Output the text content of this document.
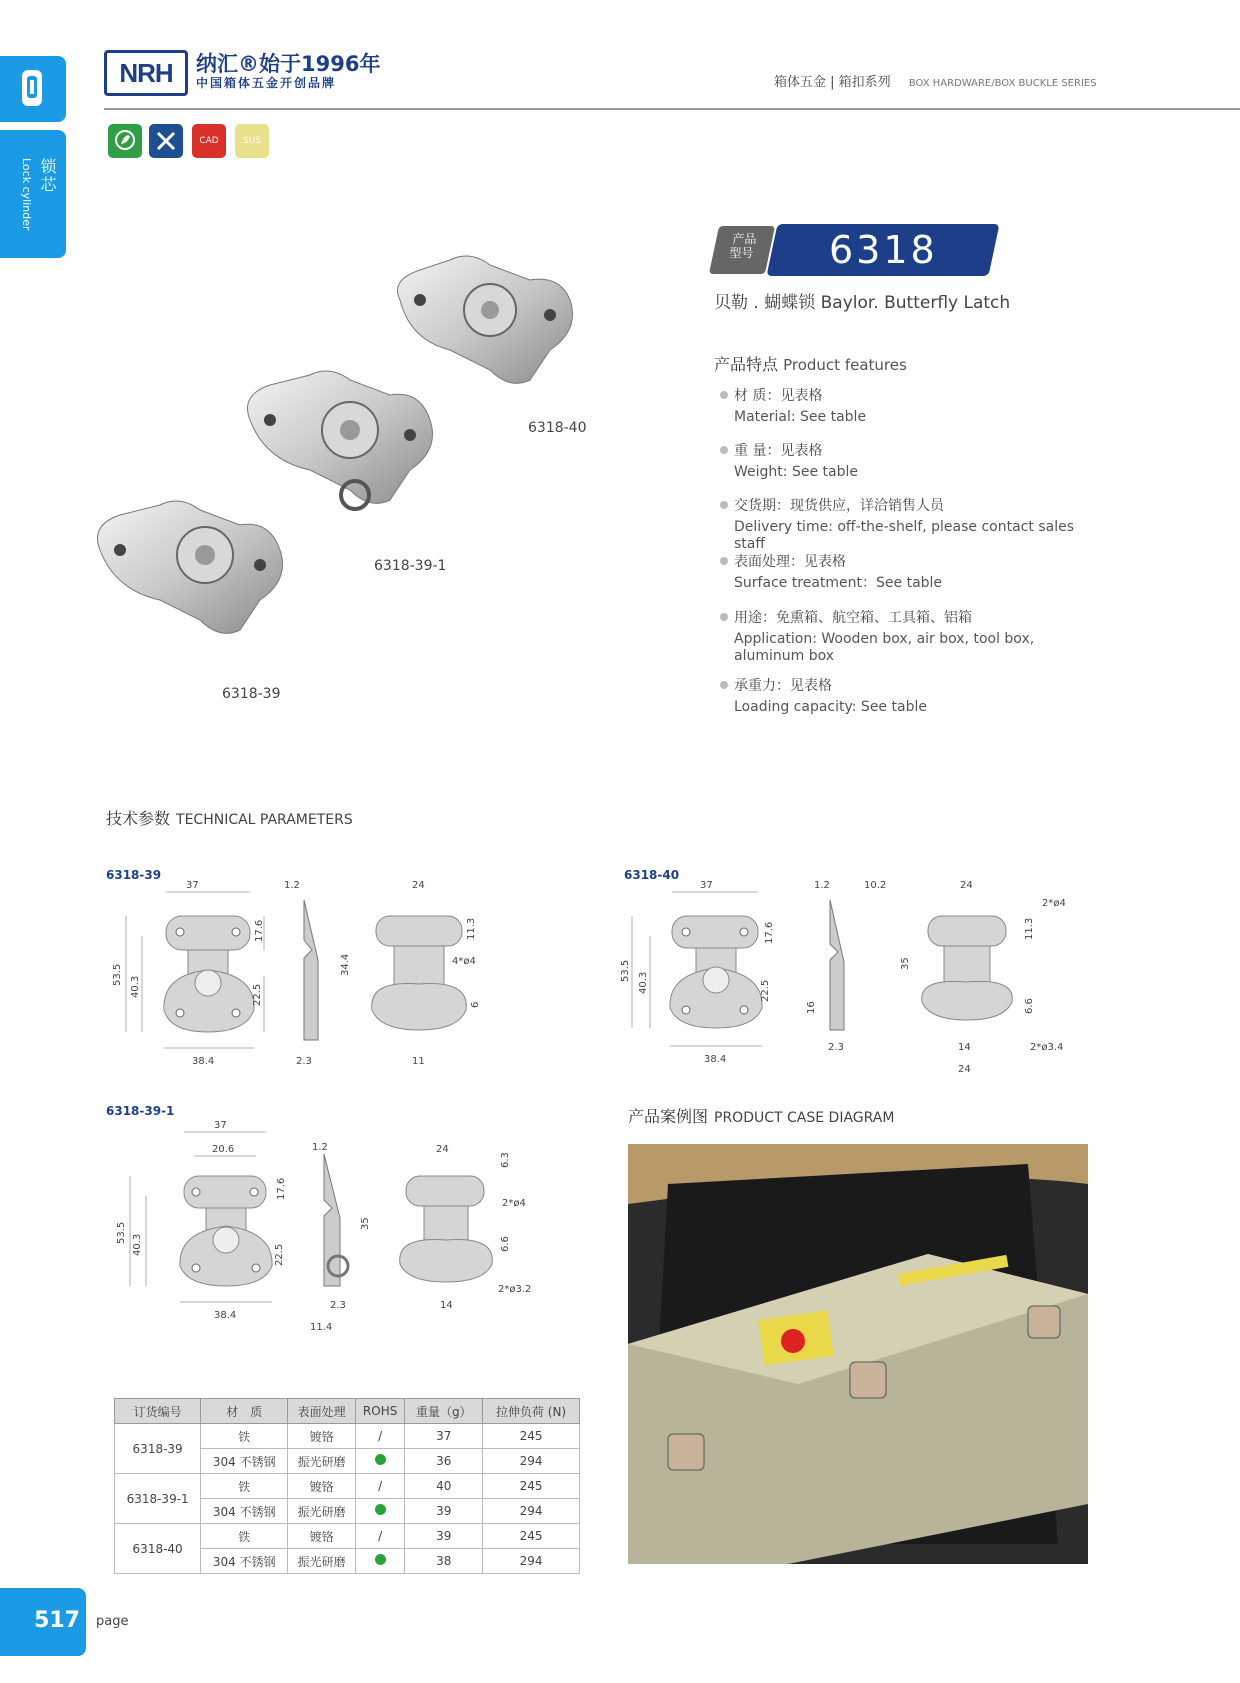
锁芯
Lock cylinder
NRH	纳汇®始于1996年
中国箱体五金开创品牌	箱体五金 | 箱扣系列 BOX HARDWARE/BOX BUCKLE SERIES
CAD	SUS
6318-40
6318-39-1
6318-39
产品
型号	6318
贝勒 . 蝴蝶锁 Baylor. Butterfly Latch
产品特点 Product features
材 质：见表格
Material: See table
重 量：见表格
Weight: See table
交货期：现货供应，详洽销售人员
Delivery time: off-the-shelf, please contact sales staff
表面处理：见表格
Surface treatment：See table
用途：免熏箱、航空箱、工具箱、铝箱
Application: Wooden box, air box, tool box, aluminum box
承重力：见表格
Loading capacity: See table
技术参数 TECHNICAL PARAMETERS
6318-39
37
17.6
53.5
40.3	22.5
38.4
1.2
2.3
24
11.3
4*ø4
34.4
6
11
6318-40
37
17.6
53.5
40.3	22.5
38.4
1.2	10.2
16
2.3
24
2*ø4
11.3
35
6.6
14
24
2*ø3.4
6318-39-1
37
20.6
17.6
53.5
40.3	22.5
38.4
1.2
2.3
11.4
24
6.3
2*ø4
35
6.6
14
2*ø3.2
产品案例图 PRODUCT CASE DIAGRAM
订货编号	材　质	表面处理	ROHS	重量（g）	拉伸负荷 (N)
6318-39	铁	镀铬	/	37	245
	304 不锈钢	振光研磨		36	294
6318-39-1	铁	镀铬	/	40	245
	304 不锈钢	振光研磨		39	294
6318-40	铁	镀铬	/	39	245
	304 不锈钢	振光研磨		38	294
517	page
